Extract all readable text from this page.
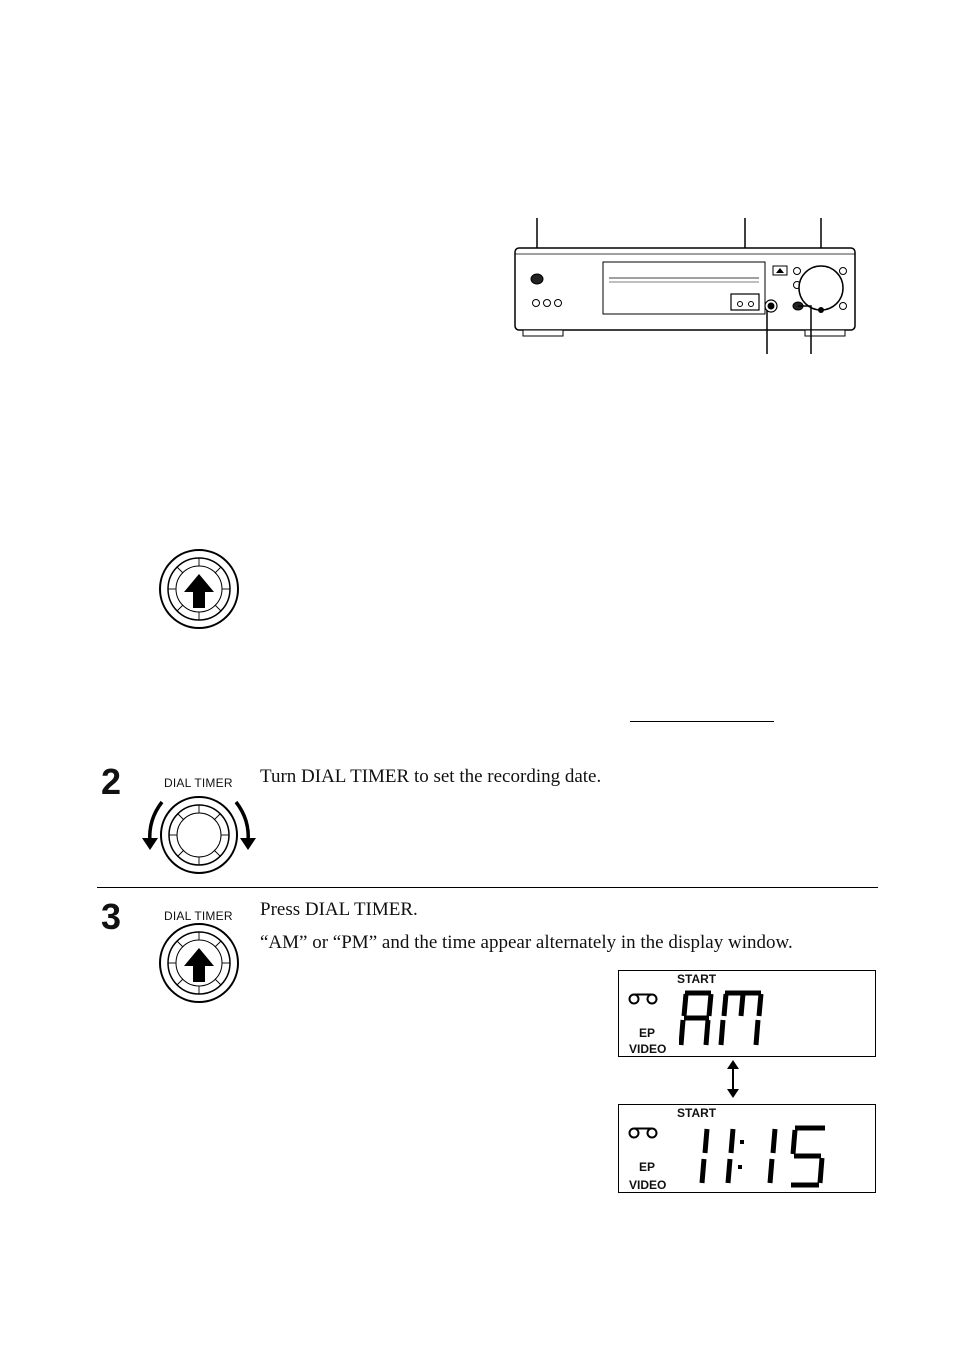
2	DIAL TIMER Turn DIAL TIMER to set the recording date.
3	DIAL TIMER Press DIAL TIMER.
“AM” or “PM” and the time appear alternately in the display window.
START
EP
VIDEO
START
EP
VIDEO
